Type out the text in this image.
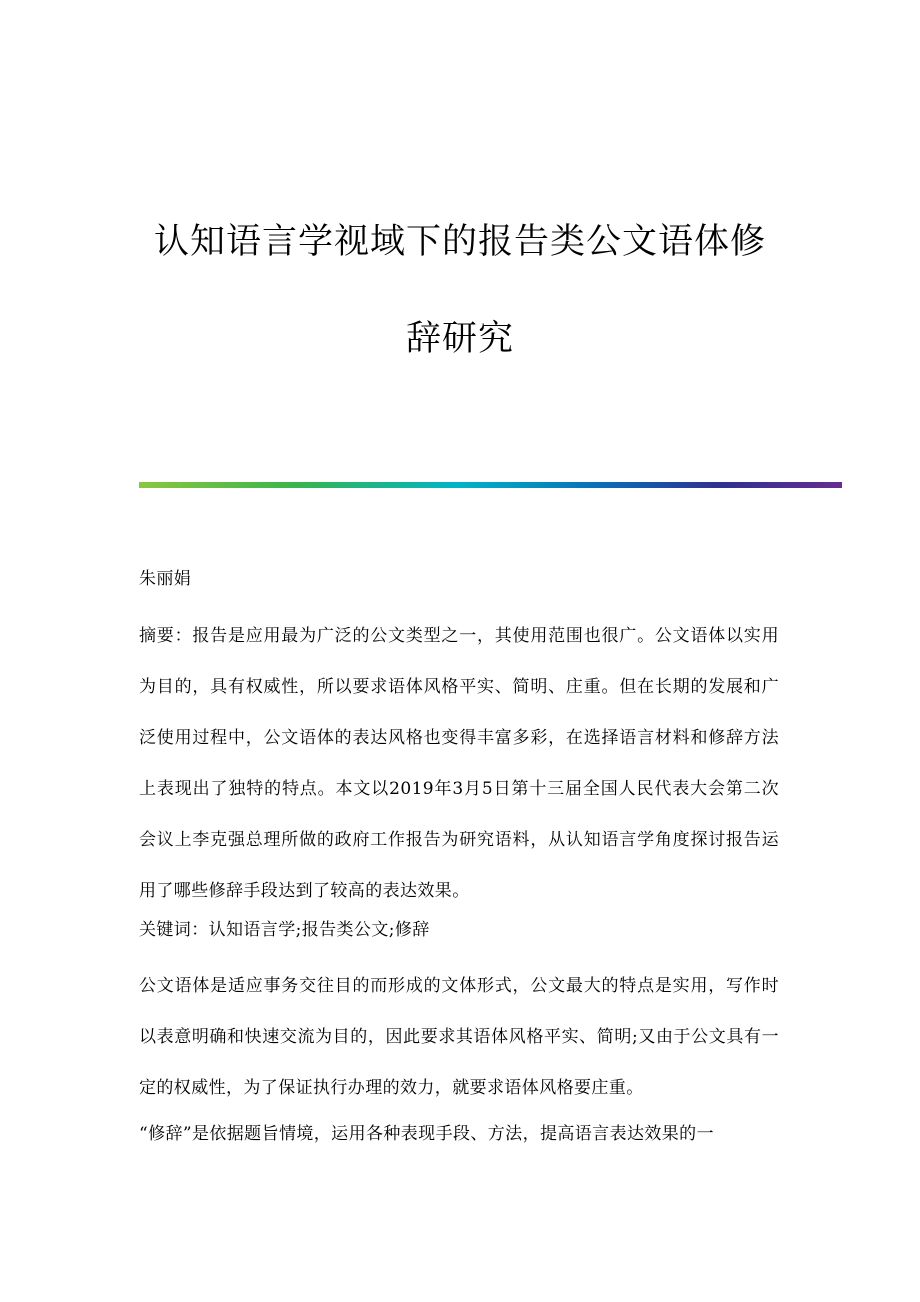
认知语言学视域下的报告类公文语体修
辞研究
朱丽娟
摘要：报告是应用最为广泛的公文类型之一，其使用范围也很广。公文语体以实用为目的，具有权威性，所以要求语体风格平实、简明、庄重。但在长期的发展和广泛使用过程中，公文语体的表达风格也变得丰富多彩，在选择语言材料和修辞方法上表现出了独特的特点。本文以2019年3月5日第十三届全国人民代表大会第二次会议上李克强总理所做的政府工作报告为研究语料，从认知语言学角度探讨报告运用了哪些修辞手段达到了较高的表达效果。
关键词：认知语言学;报告类公文;修辞
公文语体是适应事务交往目的而形成的文体形式，公文最大的特点是实用，写作时以表意明确和快速交流为目的，因此要求其语体风格平实、简明;又由于公文具有一定的权威性，为了保证执行办理的效力，就要求语体风格要庄重。
“修辞”是依据题旨情境，运用各种表现手段、方法，提高语言表达效果的一
